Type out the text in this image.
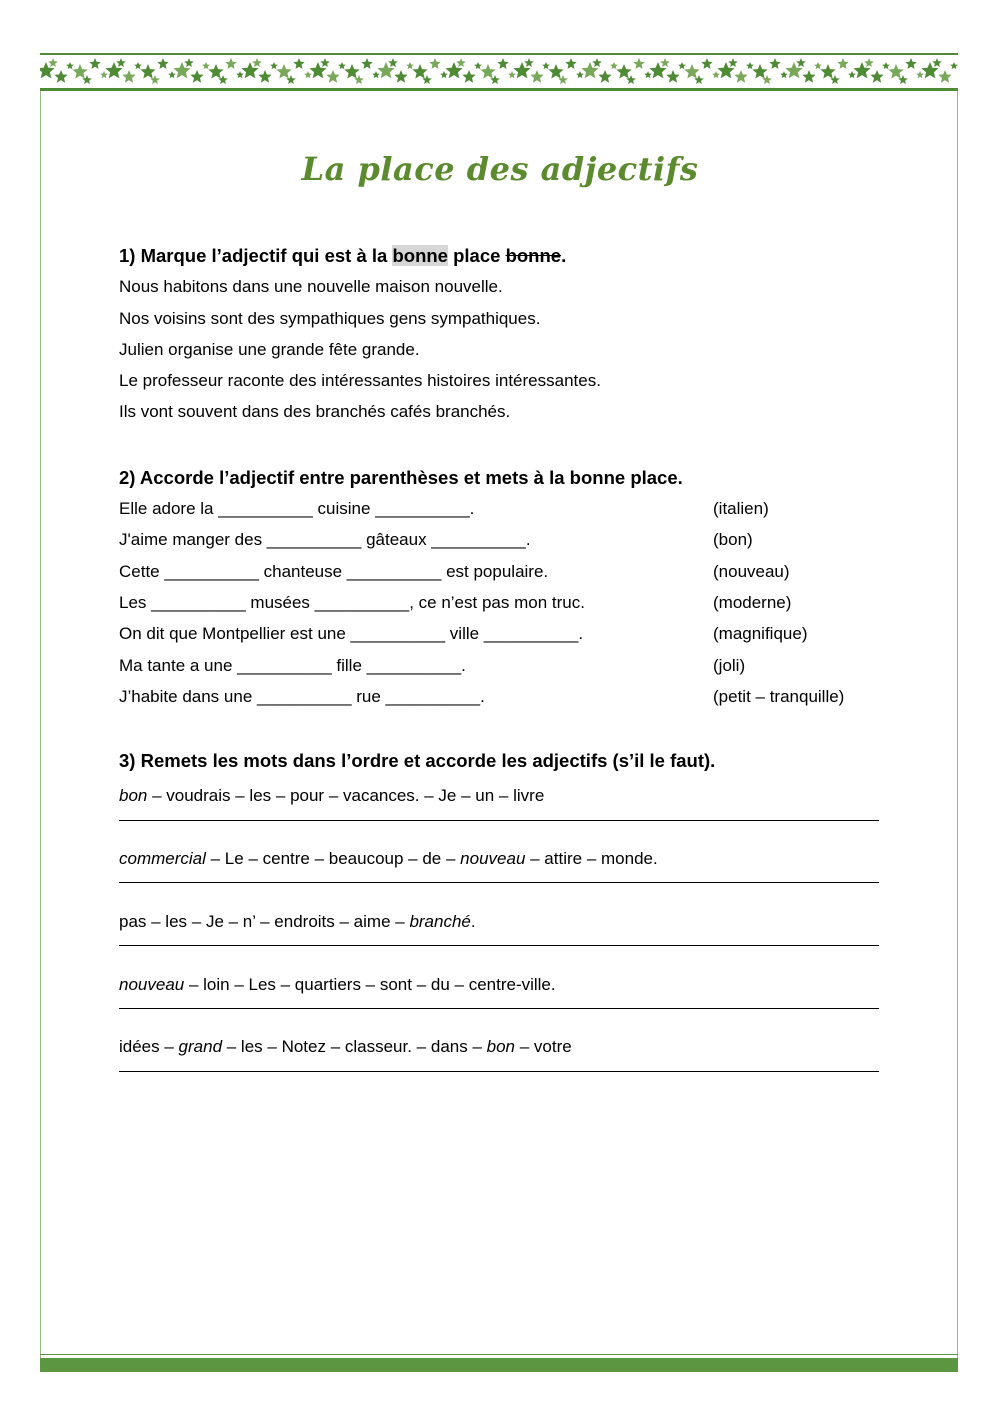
La place des adjectifs
1) Marque l’adjectif qui est à la bonne place bonne.
Nous habitons dans une nouvelle maison nouvelle.
Nos voisins sont des sympathiques gens sympathiques.
Julien organise une grande fête grande.
Le professeur raconte des intéressantes histoires intéressantes.
Ils vont souvent dans des branchés cafés branchés.
2) Accorde l’adjectif entre parenthèses et mets à la bonne place.
Elle adore la __________ cuisine __________.	(italien)
J'aime manger des __________ gâteaux __________.	(bon)
Cette __________ chanteuse __________ est populaire.	(nouveau)
Les __________ musées __________, ce n’est pas mon truc.	(moderne)
On dit que Montpellier est une __________ ville __________.	(magnifique)
Ma tante a une __________ fille __________.	(joli)
J’habite dans une __________ rue __________.	(petit – tranquille)
3) Remets les mots dans l’ordre et accorde les adjectifs (s’il le faut).
bon – voudrais – les – pour – vacances. – Je – un – livre
commercial – Le – centre – beaucoup – de – nouveau – attire – monde.
pas – les – Je – n’ – endroits – aime – branché.
nouveau – loin – Les – quartiers – sont – du – centre-ville.
idées – grand – les – Notez – classeur. – dans – bon – votre
